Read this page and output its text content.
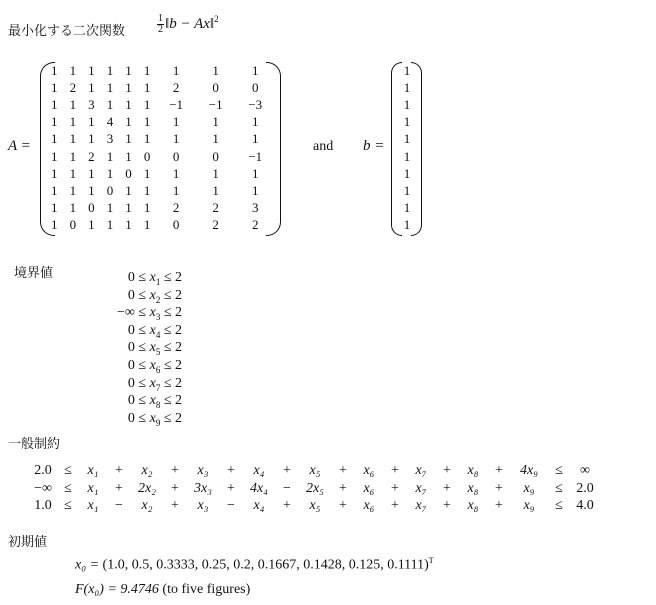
最小化する二次関数
境界値
一般制約
初期値
$\frac{1}{2}$ ‖b − Ax‖$^2$
A =
1	1	1	1	1	1	1	1	1
1	2	1	1	1	1	2	0	0
1	1	3	1	1	1	−1	−1	−3
1	1	1	4	1	1	1	1	1
1	1	1	3	1	1	1	1	1
1	1	2	1	1	0	0	0	−1
1	1	1	1	0	1	1	1	1
1	1	1	0	1	1	1	1	1
1	1	0	1	1	1	2	2	3
1	0	1	1	1	1	0	2	2
and b =
1
1
1
1
1
1
1
1
1
1
$0 \le x_1 \le 2$
$0 \le x_2 \le 2$
−∞ ≤ $x_3 \le 2$
$0 \le x_4 \le 2$
$0 \le x_5 \le 2$
$0 \le x_6 \le 2$
$0 \le x_7 \le 2$
$0 \le x_8 \le 2$
$0 \le x_9 \le 2$
2.0	≤	x₁	+	x₂	+	x₃	+	x₄	+	x₅	+	x₆	+	x₇	+	x₈	+	4x₉	≤	∞
−∞	≤	x₁	+	2x₂	+	3x₃	+	4x₄	−	2x₅	+	x₆	+	x₇	+	x₈	+	x₉	≤	2.0
1.0	≤	x₁	−	x₂	+	x₃	−	x₄	+	x₅	+	x₆	+	x₇	+	x₈	+	x₉	≤	4.0
x₀ = (1.0, 0.5, 0.3333, 0.25, 0.2, 0.1667, 0.1428, 0.125, 0.1111)$^T$
F(x₀) = 9.4746 (to five figures)
